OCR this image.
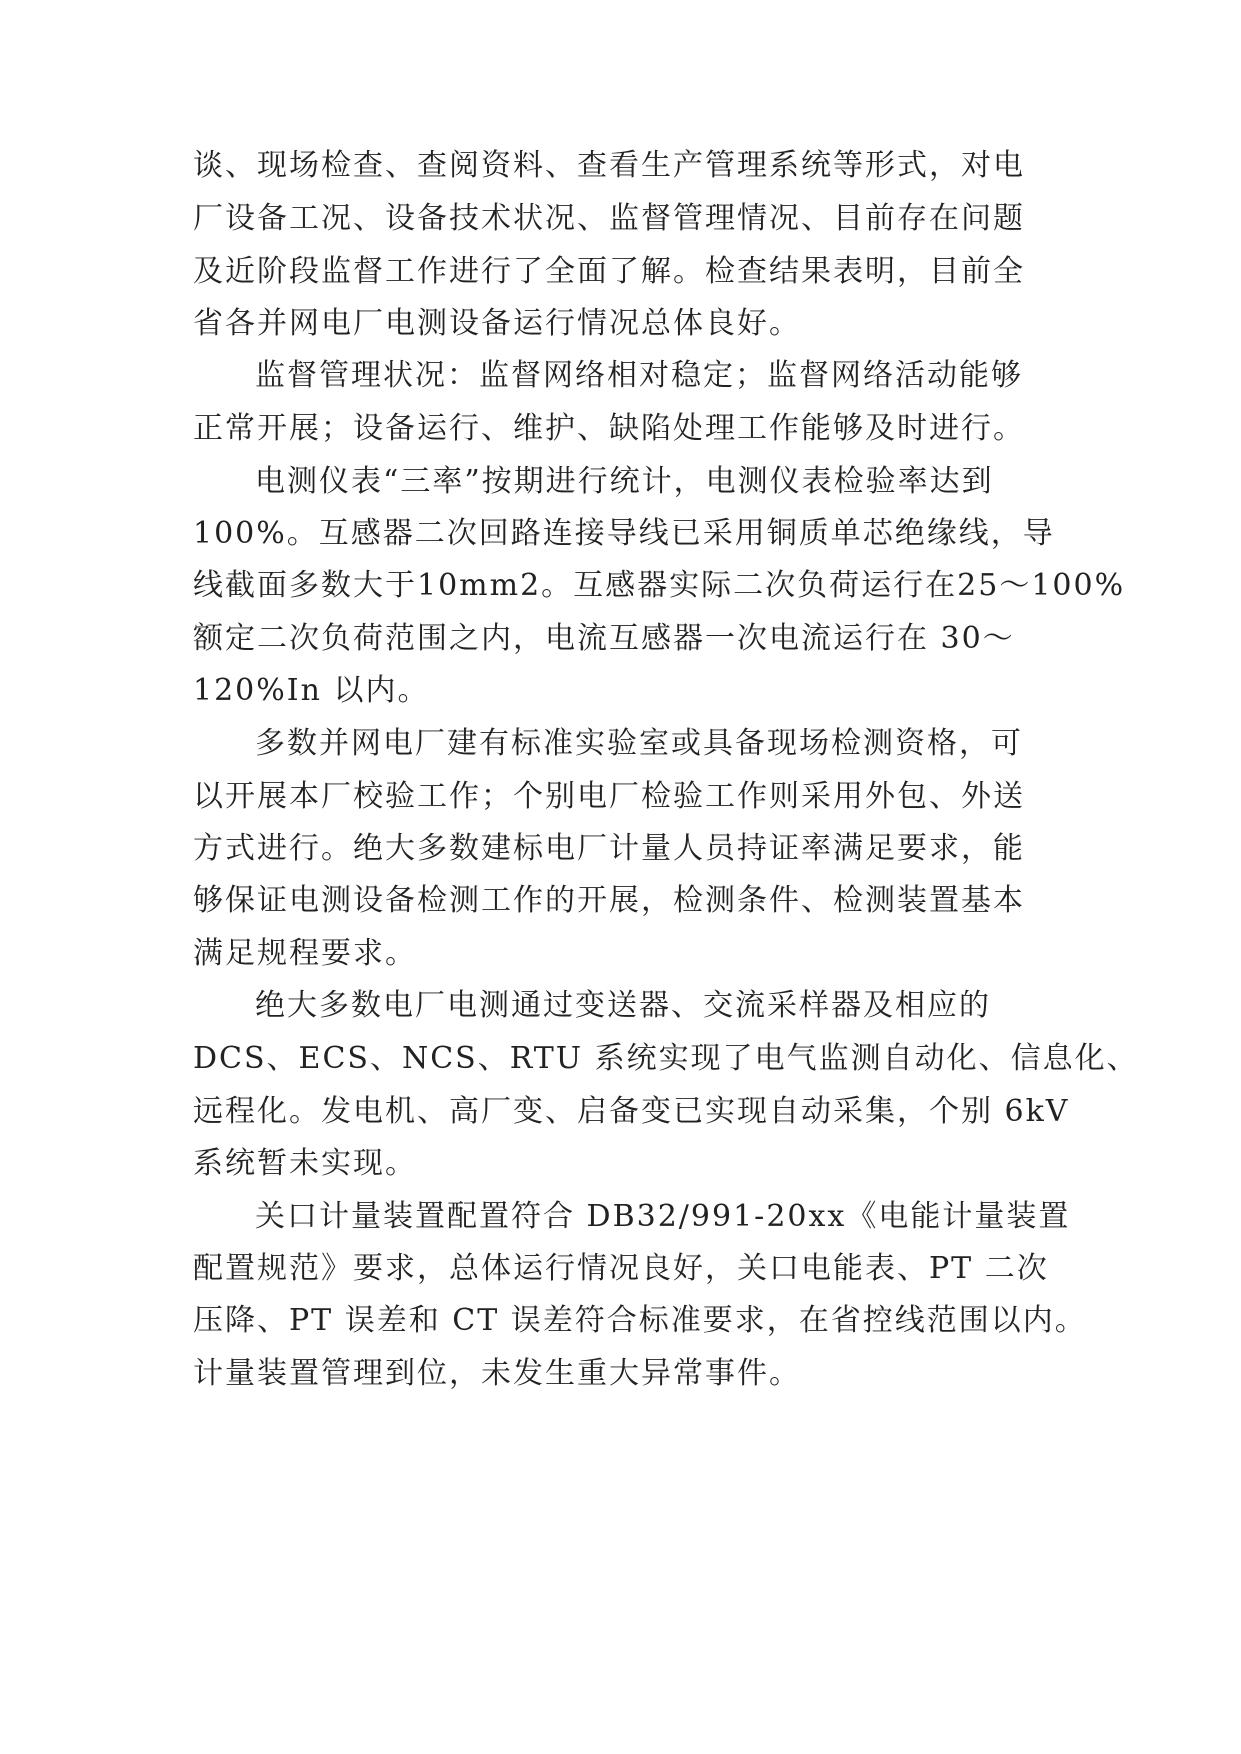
谈、现场检查、查阅资料、查看生产管理系统等形式，对电
厂设备工况、设备技术状况、监督管理情况、目前存在问题
及近阶段监督工作进行了全面了解。检查结果表明，目前全
省各并网电厂电测设备运行情况总体良好。
监督管理状况：监督网络相对稳定；监督网络活动能够
正常开展；设备运行、维护、缺陷处理工作能够及时进行。
电测仪表“三率”按期进行统计，电测仪表检验率达到
100%。互感器二次回路连接导线已采用铜质单芯绝缘线，导
线截面多数大于10mm2。互感器实际二次负荷运行在25～100%
额定二次负荷范围之内，电流互感器一次电流运行在 30～
120%In 以内。
多数并网电厂建有标准实验室或具备现场检测资格，可
以开展本厂校验工作；个别电厂检验工作则采用外包、外送
方式进行。绝大多数建标电厂计量人员持证率满足要求，能
够保证电测设备检测工作的开展，检测条件、检测装置基本
满足规程要求。
绝大多数电厂电测通过变送器、交流采样器及相应的
DCS、ECS、NCS、RTU 系统实现了电气监测自动化、信息化、
远程化。发电机、高厂变、启备变已实现自动采集，个别 6kV
系统暂未实现。
关口计量装置配置符合 DB32/991-20xx《电能计量装置
配置规范》要求，总体运行情况良好，关口电能表、PT 二次
压降、PT 误差和 CT 误差符合标准要求，在省控线范围以内。
计量装置管理到位，未发生重大异常事件。
